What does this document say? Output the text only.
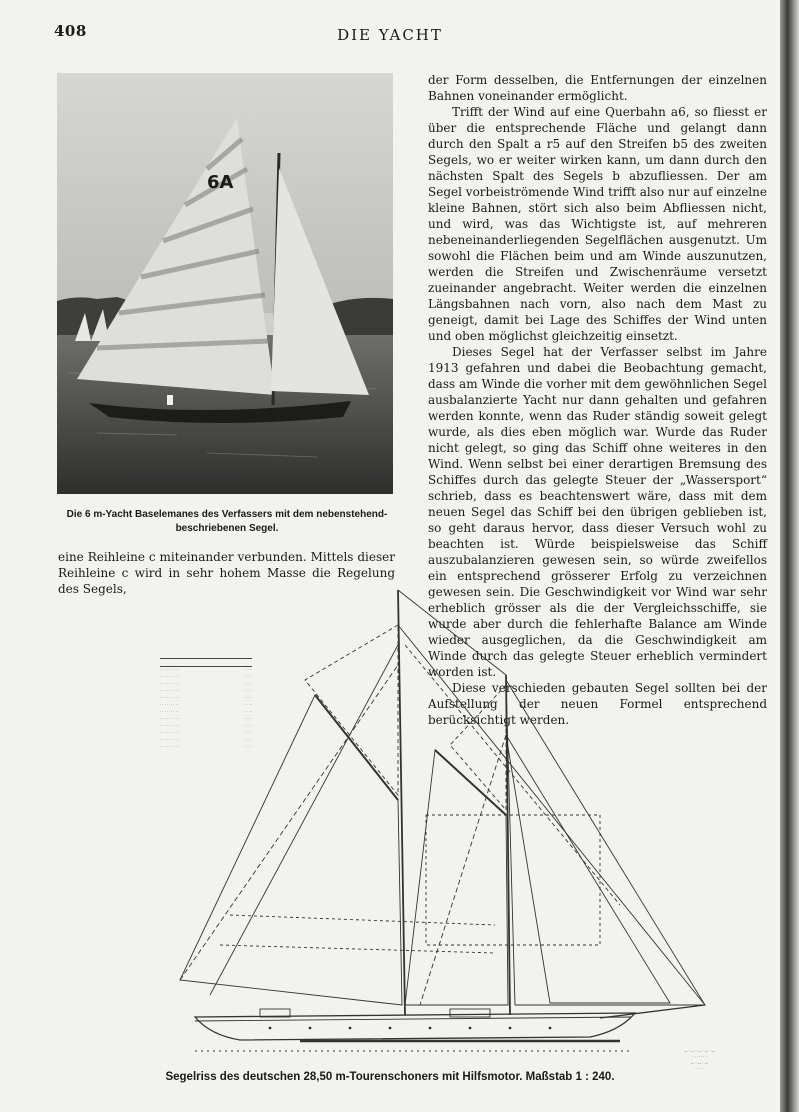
408	DIE YACHT
6A
Die 6 m-Yacht Baselemanes des Verfassers mit dem nebenstehend-beschriebenen Segel.
eine Reihleine c miteinander verbunden. Mittels dieser Reihleine c wird in sehr hohem Masse die Regelung des Segels,

der Form desselben, die Entfernungen der einzelnen Bahnen voneinander ermöglicht.

Trifft der Wind auf eine Querbahn a6, so fliesst er über die entsprechende Fläche und gelangt dann durch den Spalt a r5 auf den Streifen b5 des zweiten Segels, wo er weiter wirken kann, um dann durch den nächsten Spalt des Segels b abzufliessen. Der am Segel vorbeiströmende Wind trifft also nur auf einzelne kleine Bahnen, stört sich also beim Abfliessen nicht, und wird, was das Wichtigste ist, auf mehreren nebeneinanderliegenden Segelflächen ausgenutzt. Um sowohl die Flächen beim und am Winde auszunutzen, werden die Streifen und Zwischenräume versetzt zueinander angebracht. Weiter werden die einzelnen Längsbahnen nach vorn, also nach dem Mast zu geneigt, damit bei Lage des Schiffes der Wind unten und oben möglichst gleichzeitig einsetzt.

Dieses Segel hat der Verfasser selbst im Jahre 1913 gefahren und dabei die Beobachtung gemacht, dass am Winde die vorher mit dem gewöhnlichen Segel ausbalanzierte Yacht nur dann gehalten und gefahren werden konnte, wenn das Ruder ständig soweit gelegt wurde, als dies eben möglich war. Wurde das Ruder nicht gelegt, so ging das Schiff ohne weiteres in den Wind. Wenn selbst bei einer derartigen Bremsung des Schiffes durch das gelegte Steuer der „Wassersport“ schrieb, dass es beachtenswert wäre, dass mit dem neuen Segel das Schiff bei den übrigen geblieben ist, so geht daraus hervor, dass dieser Versuch wohl zu beachten ist. Würde beispielsweise das Schiff auszubalanzieren gewesen sein, so würde zweifellos ein entsprechend grösserer Erfolg zu verzeichnen gewesen sein. Die Geschwindigkeit vor Wind war sehr erheblich grösser als die der Vergleichsschiffe, sie wurde aber durch die fehlerhafte Balance am Winde wieder ausgeglichen, da die Geschwindigkeit am Winde durch das gelegte Steuer erheblich vermindert worden ist.

Diese verschieden gebauten Segel sollten bei der Aufstellung der neuen Formel entsprechend berücksichtigt werden.

· · · · · · · · ·	· · · ·
· · · · · · · · ·	· · · ·
· · · · · · · · ·	· · · ·
· · · · · · · · ·	· · · ·
· · · · · · · · ·	· · · ·
· · · · · · · · ·	· · · ·
· · · · · · · · ·	· · · ·
· · · · · · · · ·	· · · ·
· · · · · · · · ·	· · · ·
· · · · · · · · ·	· · · ·
· · · · · · · · ·	· · · ·
· · · · · · · · ·	· · · ·
— · — · — · — · —
· · · · · · ·
— · — · —
· · · · ·
Segelriss des deutschen 28,50 m-Tourenschoners mit Hilfsmotor. Maßstab 1 : 240.
